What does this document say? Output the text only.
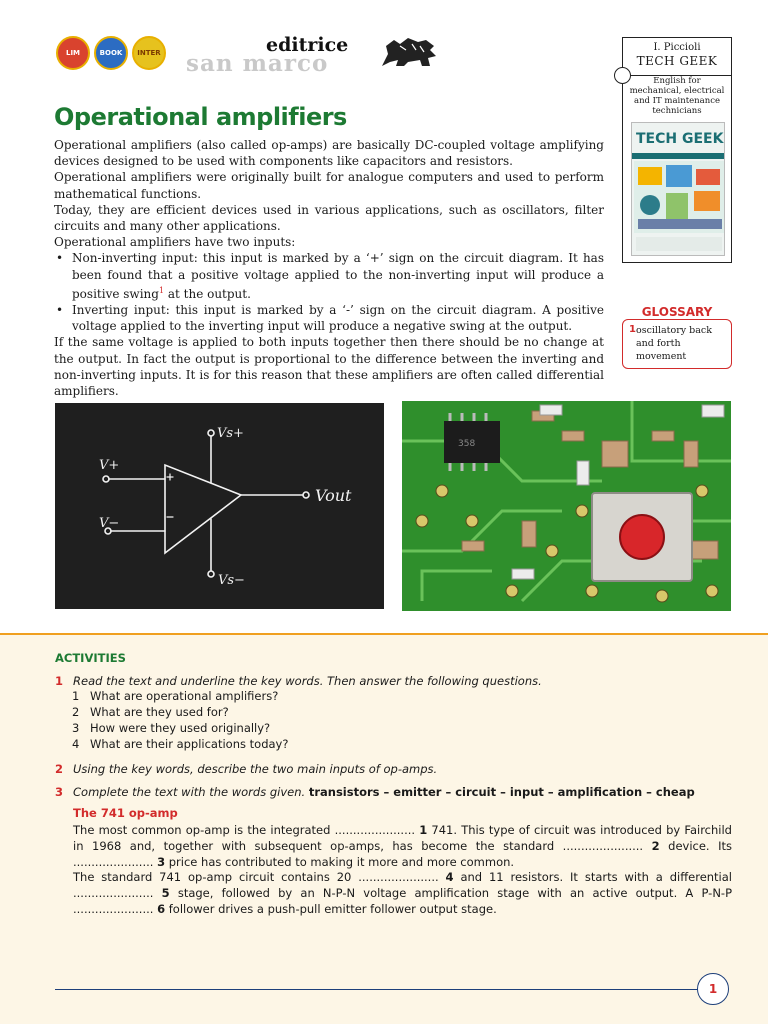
LIM	BOOK	INTER	editrice
san marco
I. Piccioli
TECH GEEK
English for mechanical, electrical and IT maintenance technicians
TECH GEEK
Operational amplifiers

Operational amplifiers (also called op-amps) are basically DC-coupled voltage amplifying devices designed to be used with components like capacitors and resistors.

Operational amplifiers were originally built for analogue computers and used to perform mathematical functions.

Today, they are efficient devices used in various applications, such as oscillators, filter circuits and many other applications.

Operational amplifiers have two inputs:

• Non-inverting input: this input is marked by a ‘+’ sign on the circuit diagram. It has been found that a positive voltage applied to the non-inverting input will produce a positive swing$^1$ at the output.
• Inverting input: this input is marked by a ‘-’ sign on the circuit diagram. A positive voltage applied to the inverting input will produce a negative swing at the output.

If the same voltage is applied to both inputs together then there should be no change at the output. In fact the output is proportional to the difference between the inverting and non-inverting inputs. It is for this reason that these amplifiers are often called differential amplifiers.

GLOSSARY
1 oscillatory back and forth movement
Vs+
V+
V−
Vout
Vs−
358
ACTIVITIES
1 Read the text and underline the key words. Then answer the following questions.
1 What are operational amplifiers?
2 What are they used for?
3 How were they used originally?
4 What are their applications today?
2 Using the key words, describe the two main inputs of op-amps.
3 Complete the text with the words given. transistors – emitter – circuit – input – amplification – cheap
The 741 op-amp
The most common op-amp is the integrated ...................... 1 741. This type of circuit was introduced by Fairchild in 1968 and, together with subsequent op-amps, has become the standard ...................... 2 device. Its ...................... 3 price has contributed to making it more and more common.
The standard 741 op-amp circuit contains 20 ...................... 4 and 11 resistors. It starts with a differential ...................... 5 stage, followed by an N-P-N voltage amplification stage with an active output. A P-N-P ...................... 6 follower drives a push-pull emitter follower output stage.
1
